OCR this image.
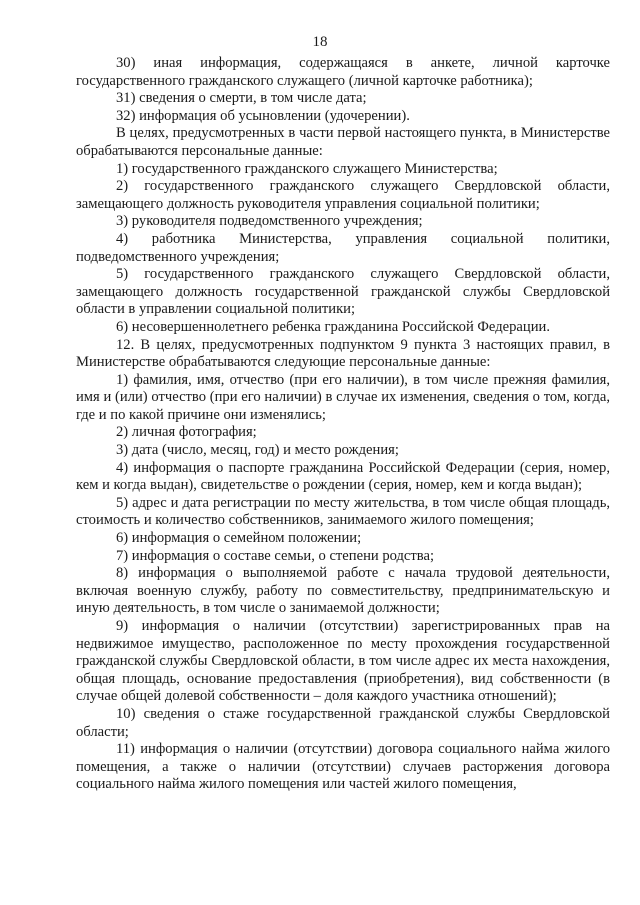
18

30) иная информация, содержащаяся в анкете, личной карточке государственного гражданского служащего (личной карточке работника);

31) сведения о смерти, в том числе дата;

32) информация об усыновлении (удочерении).

В целях, предусмотренных в части первой настоящего пункта, в Министерстве обрабатываются персональные данные:

1) государственного гражданского служащего Министерства;

2) государственного гражданского служащего Свердловской области, замещающего должность руководителя управления социальной политики;

3) руководителя подведомственного учреждения;

4) работника Министерства, управления социальной политики, подведомственного учреждения;

5) государственного гражданского служащего Свердловской области, замещающего должность государственной гражданской службы Свердловской области в управлении социальной политики;

6) несовершеннолетнего ребенка гражданина Российской Федерации.

12. В целях, предусмотренных подпунктом 9 пункта 3 настоящих правил, в Министерстве обрабатываются следующие персональные данные:

1) фамилия, имя, отчество (при его наличии), в том числе прежняя фамилия, имя и (или) отчество (при его наличии) в случае их изменения, сведения о том, когда, где и по какой причине они изменялись;

2) личная фотография;

3) дата (число, месяц, год) и место рождения;

4) информация о паспорте гражданина Российской Федерации (серия, номер, кем и когда выдан), свидетельстве о рождении (серия, номер, кем и когда выдан);

5) адрес и дата регистрации по месту жительства, в том числе общая площадь, стоимость и количество собственников, занимаемого жилого помещения;

6) информация о семейном положении;

7) информация о составе семьи, о степени родства;

8) информация о выполняемой работе с начала трудовой деятельности, включая военную службу, работу по совместительству, предпринимательскую и иную деятельность, в том числе о занимаемой должности;

9) информация о наличии (отсутствии) зарегистрированных прав на недвижимое имущество, расположенное по месту прохождения государственной гражданской службы Свердловской области, в том числе адрес их места нахождения, общая площадь, основание предоставления (приобретения), вид собственности (в случае общей долевой собственности – доля каждого участника отношений);

10) сведения о стаже государственной гражданской службы Свердловской области;

11) информация о наличии (отсутствии) договора социального найма жилого помещения, а также о наличии (отсутствии) случаев расторжения договора социального найма жилого помещения или частей жилого помещения,
